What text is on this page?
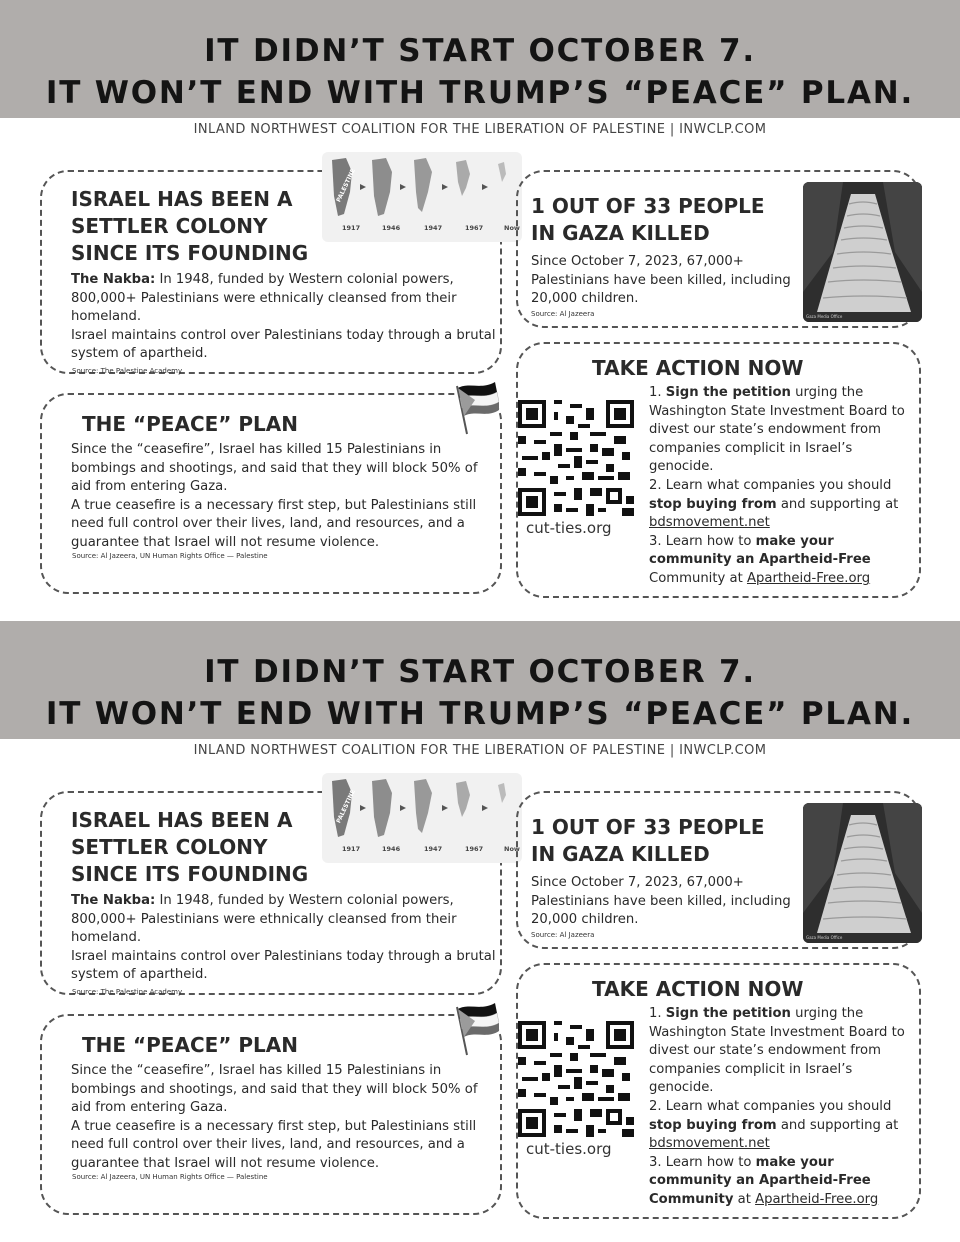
IT DIDN’T START OCTOBER 7.
IT WON’T END WITH TRUMP’S “PEACE” PLAN.
INLAND NORTHWEST COALITION FOR THE LIBERATION OF PALESTINE | INWCLP.COM
1917	1946	1947	1967	Now
PALESTINE
ISRAEL HAS BEEN A SETTLER COLONY SINCE ITS FOUNDING
The Nakba: In 1948, funded by Western colonial powers, 800,000+ Palestinians were ethnically cleansed from their homeland.
Israel maintains control over Palestinians today through a brutal system of apartheid.
Source: The Palestine Academy
THE “PEACE” PLAN
Since the “ceasefire”, Israel has killed 15 Palestinians in bombings and shootings, and said that they will block 50% of aid from entering Gaza.
A true ceasefire is a necessary first step, but Palestinians still need full control over their lives, land, and resources, and a guarantee that Israel will not resume violence.
Source: Al Jazeera, UN Human Rights Office — Palestine
Gaza Media Office
1 OUT OF 33 PEOPLE IN GAZA KILLED
Since October 7, 2023, 67,000+ Palestinians have been killed, including 20,000 children.
Source: Al Jazeera
TAKE ACTION NOW
cut-ties.org
1. Sign the petition urging the Washington State Investment Board to divest our state’s endowment from companies complicit in Israel’s genocide.
2. Learn what companies you should stop buying from and supporting at bdsmovement.net
3. Learn how to make your community an Apartheid-Free Community at Apartheid-Free.org
IT DIDN’T START OCTOBER 7.
IT WON’T END WITH TRUMP’S “PEACE” PLAN.
INLAND NORTHWEST COALITION FOR THE LIBERATION OF PALESTINE | INWCLP.COM
1917	1946	1947	1967	Now
PALESTINE
ISRAEL HAS BEEN A SETTLER COLONY SINCE ITS FOUNDING
The Nakba: In 1948, funded by Western colonial powers, 800,000+ Palestinians were ethnically cleansed from their homeland.
Israel maintains control over Palestinians today through a brutal system of apartheid.
Source: The Palestine Academy
THE “PEACE” PLAN
Since the “ceasefire”, Israel has killed 15 Palestinians in bombings and shootings, and said that they will block 50% of aid from entering Gaza.
A true ceasefire is a necessary first step, but Palestinians still need full control over their lives, land, and resources, and a guarantee that Israel will not resume violence.
Source: Al Jazeera, UN Human Rights Office — Palestine
Gaza Media Office
1 OUT OF 33 PEOPLE IN GAZA KILLED
Since October 7, 2023, 67,000+ Palestinians have been killed, including 20,000 children.
Source: Al Jazeera
TAKE ACTION NOW
cut-ties.org
1. Sign the petition urging the Washington State Investment Board to divest our state’s endowment from companies complicit in Israel’s genocide.
2. Learn what companies you should stop buying from and supporting at bdsmovement.net
3. Learn how to make your community an Apartheid-Free Community at Apartheid-Free.org
